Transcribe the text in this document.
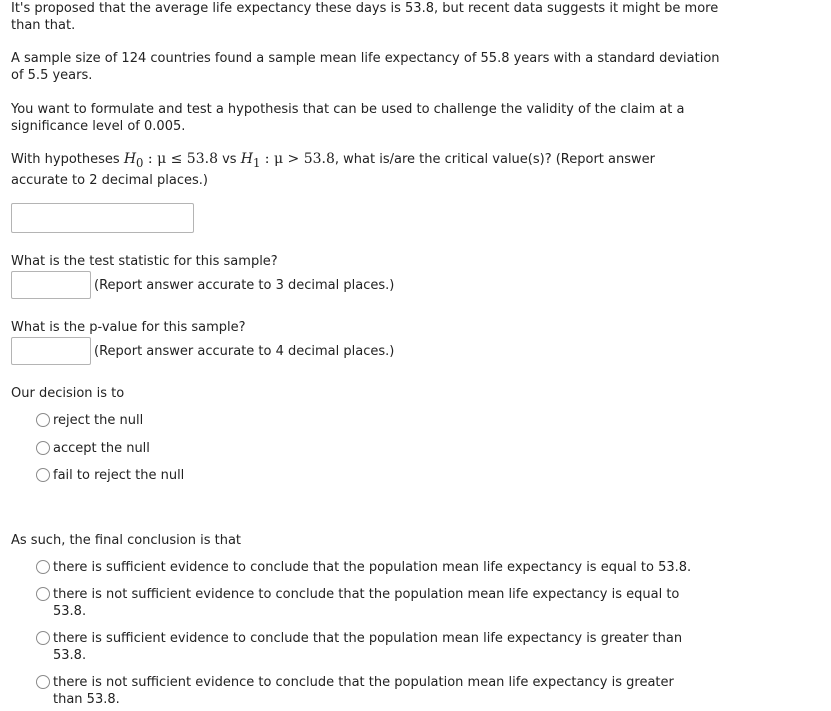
It's proposed that the average life expectancy these days is 53.8, but recent data suggests it might be more than that.
A sample size of 124 countries found a sample mean life expectancy of 55.8 years with a standard deviation of 5.5 years.
You want to formulate and test a hypothesis that can be used to challenge the validity of the claim at a significance level of 0.005.
With hypotheses $H_0$ : μ ≤ 53.8 vs $H_1$ : μ > 53.8, what is/are the critical value(s)? (Report answer accurate to 2 decimal places.)
What is the test statistic for this sample?
(Report answer accurate to 3 decimal places.)
What is the p-value for this sample?
(Report answer accurate to 4 decimal places.)
Our decision is to
reject the null
accept the null
fail to reject the null
As such, the final conclusion is that
there is sufficient evidence to conclude that the population mean life expectancy is equal to 53.8.
there is not sufficient evidence to conclude that the population mean life expectancy is equal to 53.8.
there is sufficient evidence to conclude that the population mean life expectancy is greater than 53.8.
there is not sufficient evidence to conclude that the population mean life expectancy is greater than 53.8.
